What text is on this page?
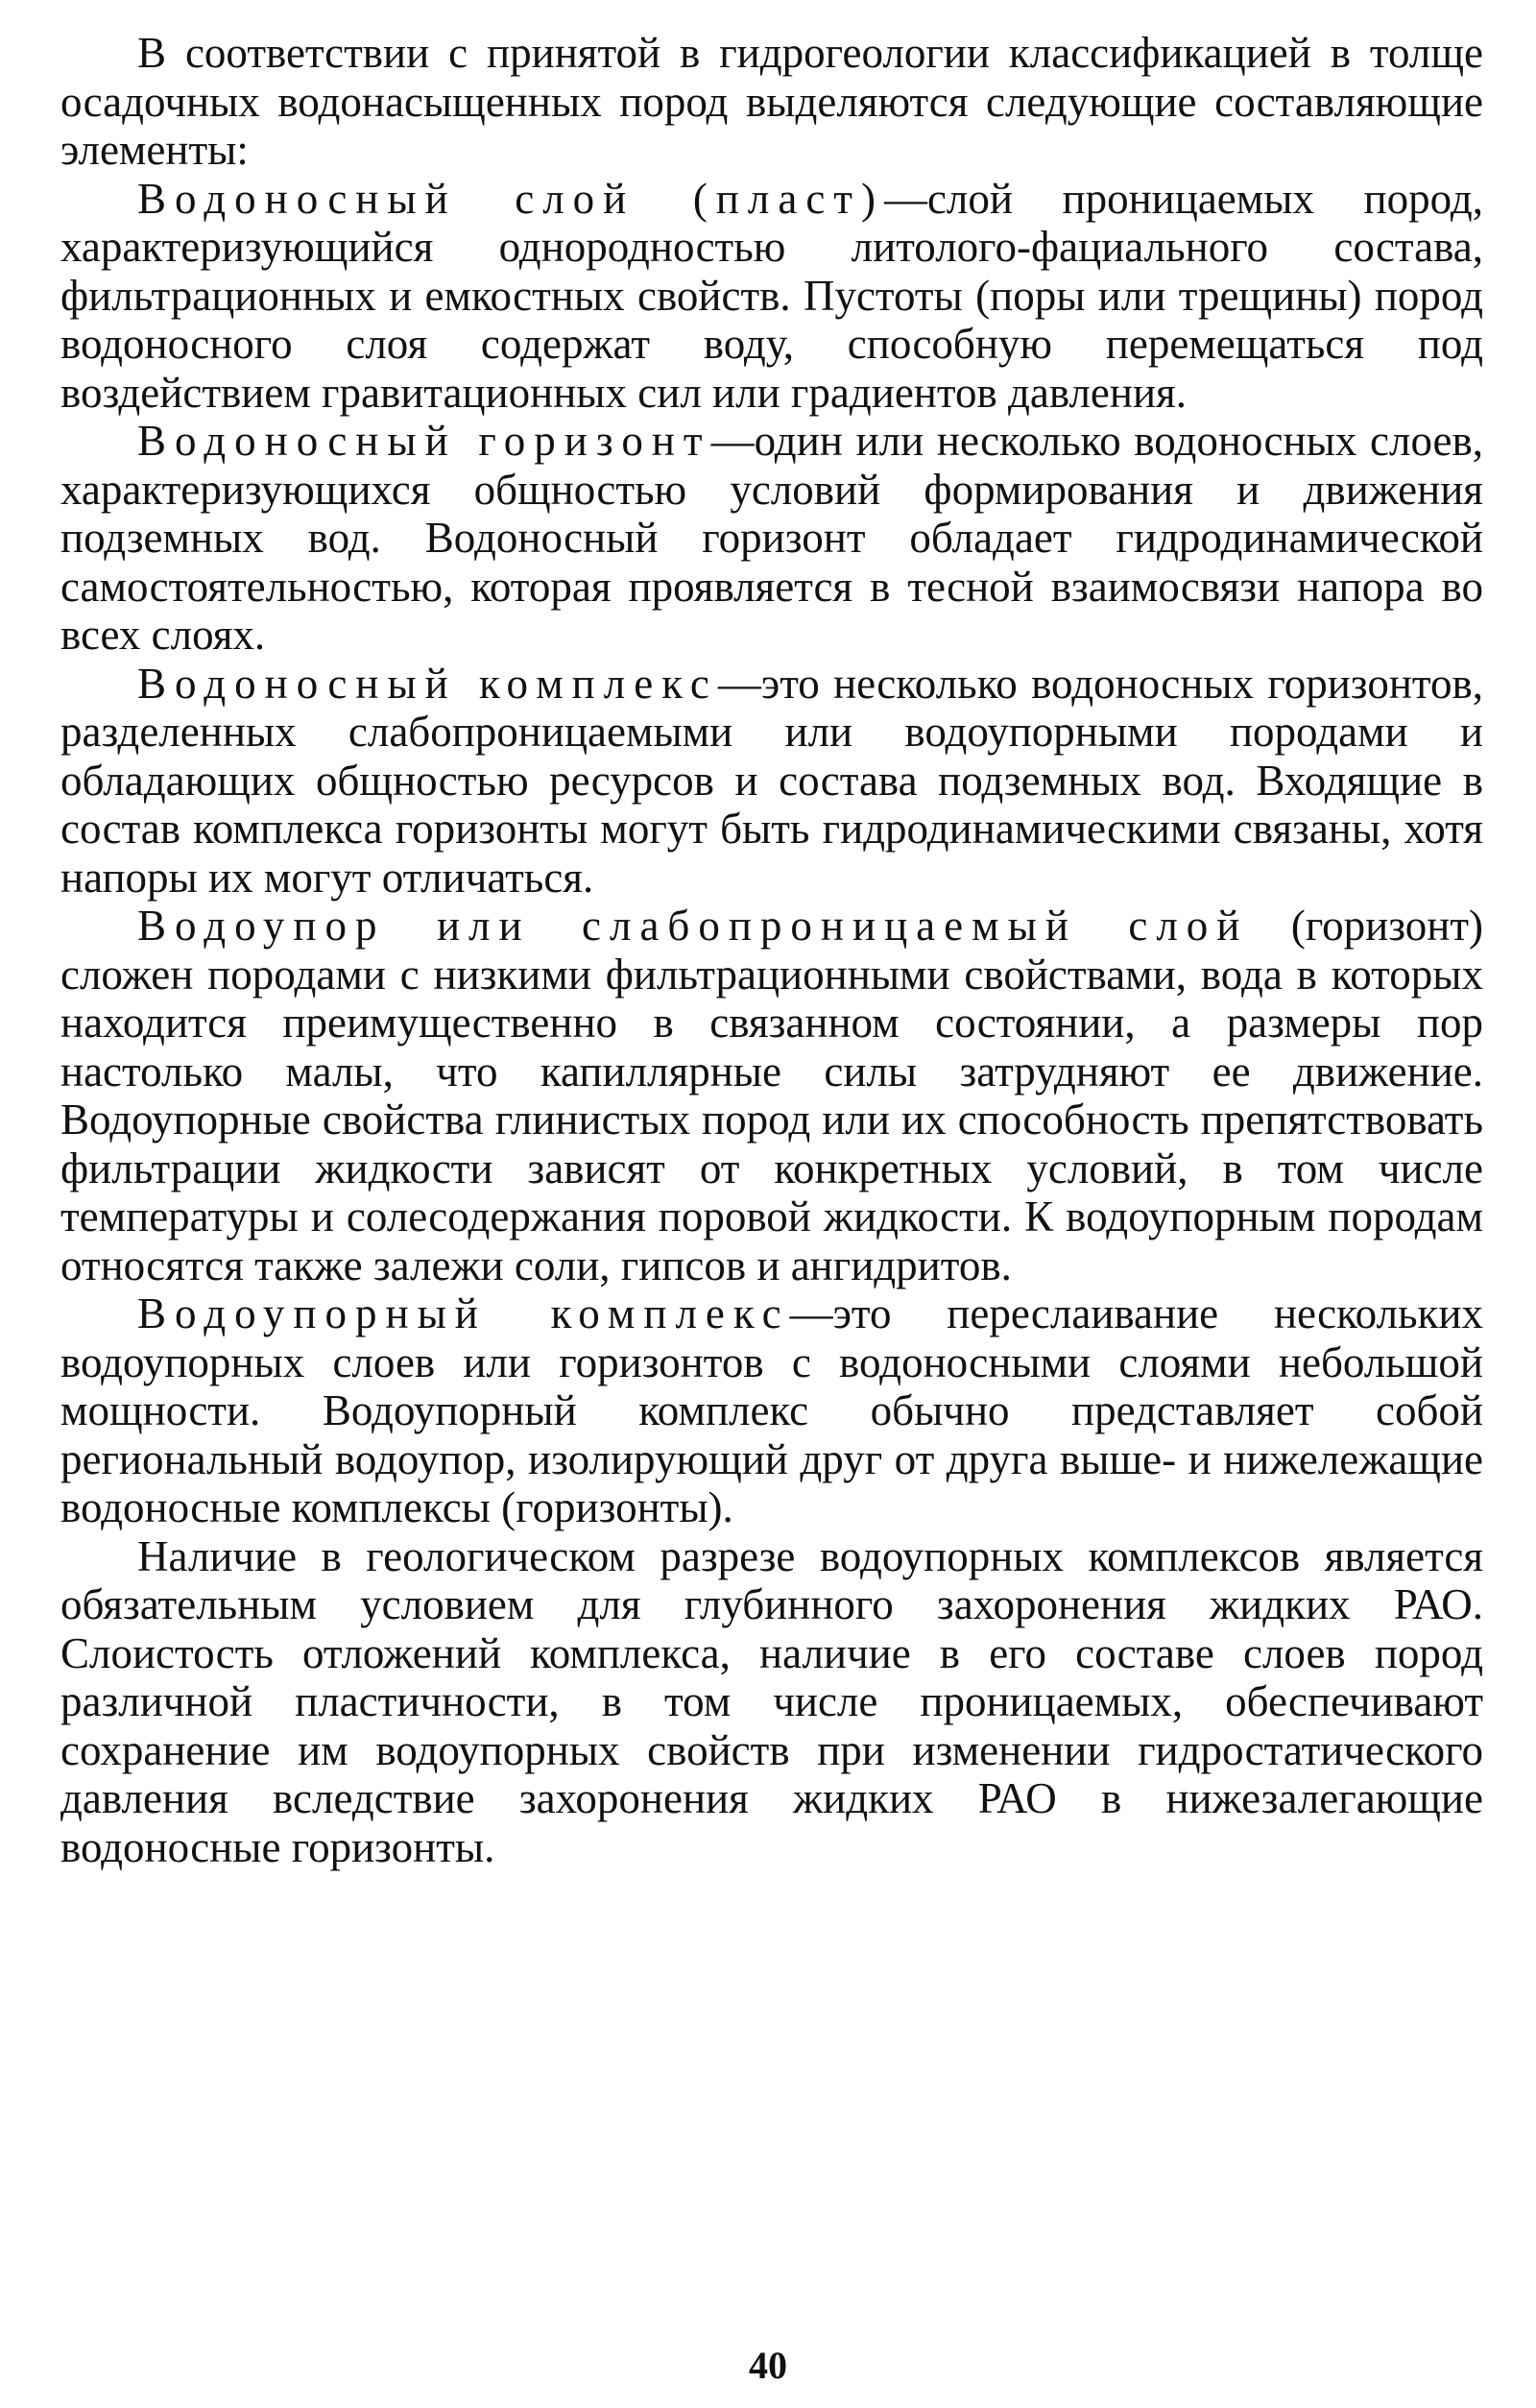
В соответствии с принятой в гидрогеологии классификацией в толще осадочных водонасыщенных пород выделяются следующие составляющие элементы:

Водоносный слой (пласт)—слой проницаемых пород, характеризующийся однородностью литолого-фациального состава, фильтрационных и емкостных свойств. Пустоты (поры или трещины) пород водоносного слоя содержат воду, способную перемещаться под воздействием гравитационных сил или градиентов давления.

Водоносный горизонт—один или несколько водоносных слоев, характеризующихся общностью условий формирования и движения подземных вод. Водоносный горизонт обладает гидродинамической самостоятельностью, которая проявляется в тесной взаимосвязи напора во всех слоях.

Водоносный комплекс—это несколько водоносных горизонтов, разделенных слабопроницаемыми или водоупорными породами и обладающих общностью ресурсов и состава подземных вод. Входящие в состав комплекса горизонты могут быть гидродинамическими связаны, хотя напоры их могут отличаться.

Водоупор или слабопроницаемый слой (горизонт) сложен породами с низкими фильтрационными свойствами, вода в которых находится преимущественно в связанном состоянии, а размеры пор настолько малы, что капиллярные силы затрудняют ее движение. Водоупорные свойства глинистых пород или их способность препятствовать фильтрации жидкости зависят от конкретных условий, в том числе температуры и солесодержания поровой жидкости. К водоупорным породам относятся также залежи соли, гипсов и ангидритов.

Водоупорный комплекс—это переслаивание нескольких водоупорных слоев или горизонтов с водоносными слоями небольшой мощности. Водоупорный комплекс обычно представляет собой региональный водоупор, изолирующий друг от друга выше- и нижележащие водоносные комплексы (горизонты).

Наличие в геологическом разрезе водоупорных комплексов является обязательным условием для глубинного захоронения жидких РАО. Слоистость отложений комплекса, наличие в его составе слоев пород различной пластичности, в том числе проницаемых, обеспечивают сохранение им водоупорных свойств при изменении гидростатического давления вследствие захоронения жидких РАО в нижезалегающие водоносные горизонты.

40
